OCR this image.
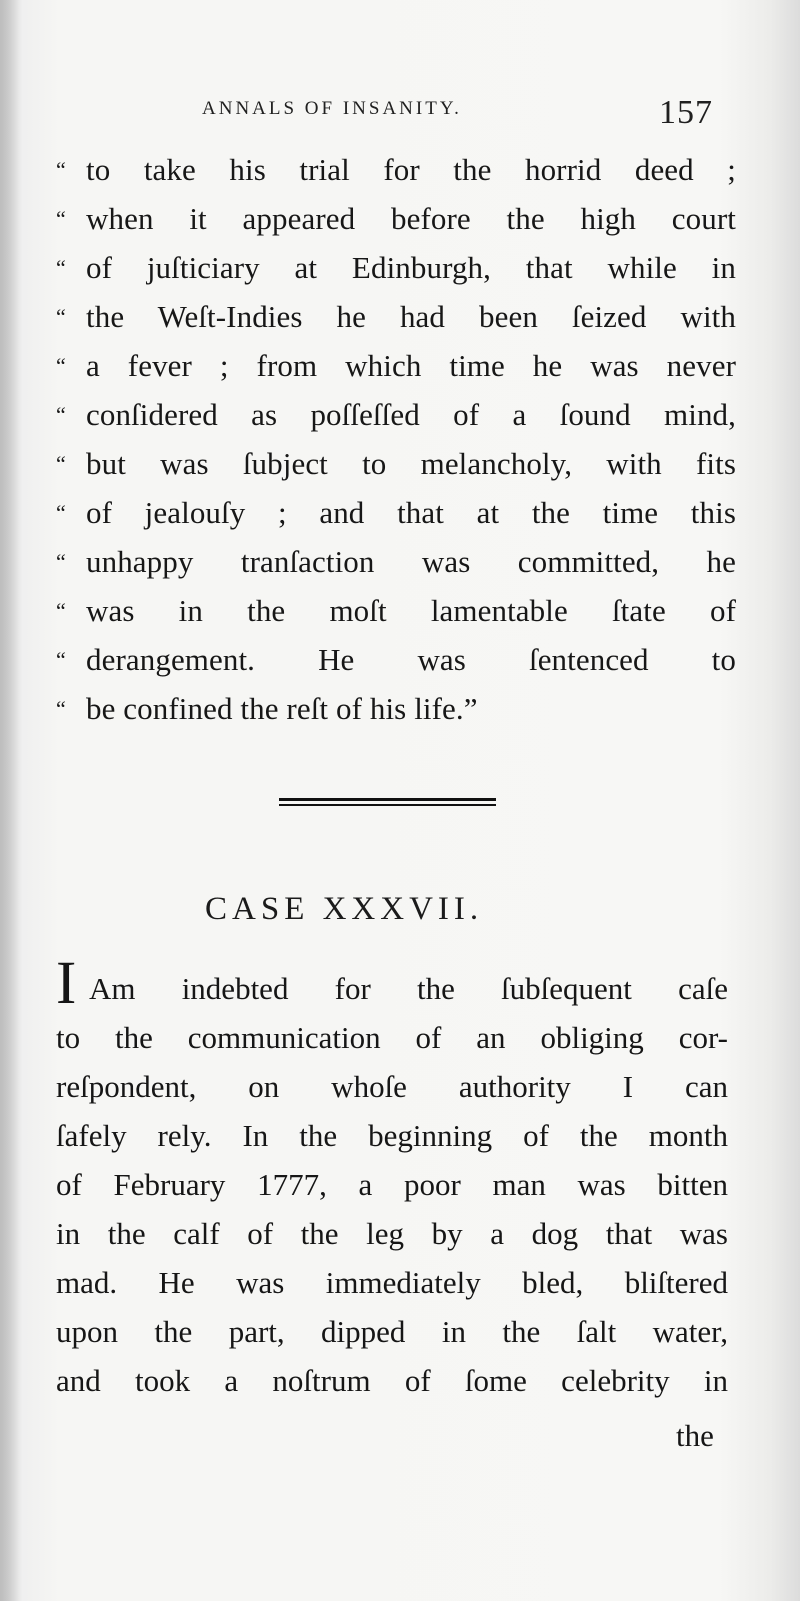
ANNALS OF INSANITY.	157
“ to take his trial for the horrid deed ;
“ when it appeared before the high court
“ of juſticiary at Edinburgh, that while in
“ the Weſt-Indies he had been ſeized with
“ a fever ; from which time he was never
“ conſidered as poſſeſſed of a ſound mind,
“ but was ſubject to melancholy, with fits
“ of jealouſy ; and that at the time this
“ unhappy tranſaction was committed, he
“ was in the moſt lamentable ſtate of
“ derangement. He was ſentenced to
“ be confined the reſt of his life.”
CASE XXXVII.
I Am indebted for the ſubſequent caſe
to the communication of an obliging cor-
reſpondent, on whoſe authority I can
ſafely rely. In the beginning of the month
of February 1777, a poor man was bitten
in the calf of the leg by a dog that was
mad. He was immediately bled, bliſtered
upon the part, dipped in the ſalt water,
and took a noſtrum of ſome celebrity in
the
